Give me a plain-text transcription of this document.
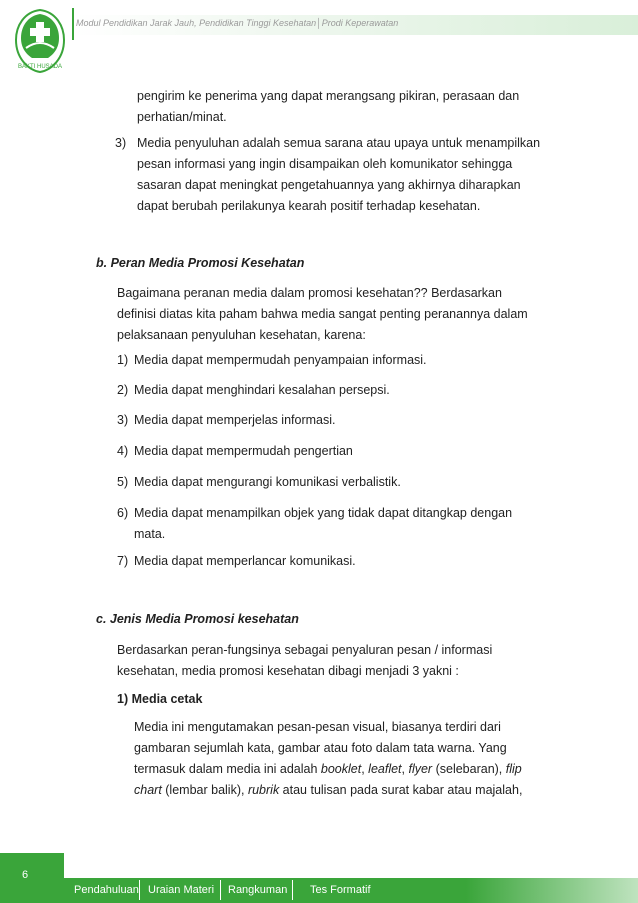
BAKTI HUSADA
Modul Pendidikan Jarak Jauh, Pendidikan Tinggi Kesehatan│Prodi Keperawatan
pengirim ke penerima yang dapat merangsang pikiran, perasaan dan
perhatian/minat.
3) Media penyuluhan adalah semua sarana atau upaya untuk menampilkan
pesan informasi yang ingin disampaikan oleh komunikator sehingga
sasaran dapat meningkat pengetahuannya yang akhirnya diharapkan
dapat berubah perilakunya kearah positif terhadap kesehatan.
b. Peran Media Promosi Kesehatan
Bagaimana peranan media dalam promosi kesehatan?? Berdasarkan
definisi diatas kita paham bahwa media sangat penting peranannya dalam
pelaksanaan penyuluhan kesehatan, karena:
1) Media dapat mempermudah penyampaian informasi.
2) Media dapat menghindari kesalahan persepsi.
3) Media dapat memperjelas informasi.
4) Media dapat mempermudah pengertian
5) Media dapat mengurangi komunikasi verbalistik.
6) Media dapat menampilkan objek yang tidak dapat ditangkap dengan
mata.
7) Media dapat memperlancar komunikasi.
c. Jenis Media Promosi kesehatan
Berdasarkan peran-fungsinya sebagai penyaluran pesan / informasi
kesehatan, media promosi kesehatan dibagi menjadi 3 yakni :
1) Media cetak
Media ini mengutamakan pesan-pesan visual, biasanya terdiri dari
gambaran sejumlah kata, gambar atau foto dalam tata warna. Yang
termasuk dalam media ini adalah booklet, leaflet, flyer (selebaran), flip
chart (lembar balik), rubrik atau tulisan pada surat kabar atau majalah,
6
Pendahuluan Uraian Materi Rangkuman Tes Formatif
